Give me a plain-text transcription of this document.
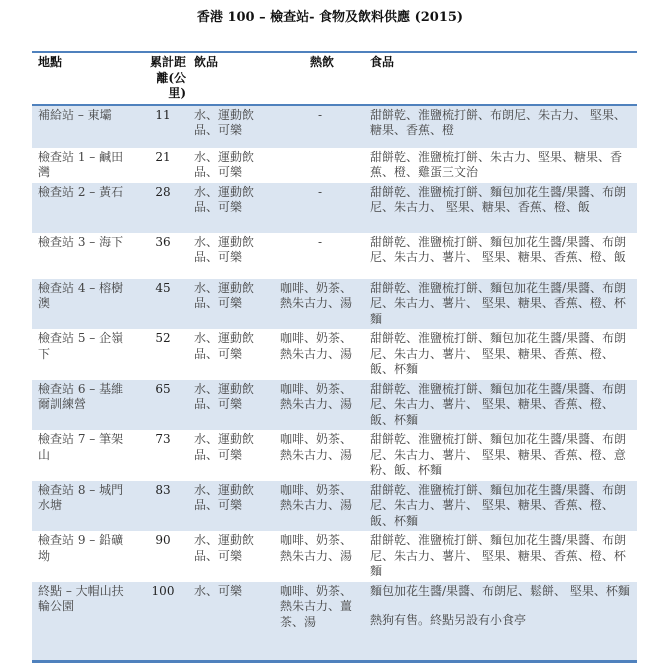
香港 100 – 檢查站- 食物及飲料供應 (2015)
地點	累計距離(公里)	飲品	熱飲	食品
補給站 – 東壩	11	水、運動飲品、可樂	-	甜餅乾、淮鹽梳打餅、布朗尼、朱古力、 堅果、糖果、香蕉、橙
檢查站 1 – 鹹田灣	21	水、運動飲品、可樂		甜餅乾、淮鹽梳打餅、朱古力、堅果、糖果、香蕉、橙、雞蛋三文治
檢查站 2 – 黃石	28	水、運動飲品、可樂	-	甜餅乾、淮鹽梳打餅、麵包加花生醬/果醬、布朗尼、朱古力、 堅果、糖果、香蕉、橙、飯
檢查站 3 – 海下	36	水、運動飲品、可樂	-	甜餅乾、淮鹽梳打餅、麵包加花生醬/果醬、布朗尼、朱古力、薯片、 堅果、糖果、香蕉、橙、飯
檢查站 4 – 榕樹澳	45	水、運動飲品、可樂	咖啡、奶茶、熱朱古力、湯	甜餅乾、淮鹽梳打餅、麵包加花生醬/果醬、布朗尼、朱古力、薯片、 堅果、糖果、香蕉、橙、杯麵
檢查站 5 – 企嶺下	52	水、運動飲品、可樂	咖啡、奶茶、熱朱古力、湯	甜餅乾、淮鹽梳打餅、麵包加花生醬/果醬、布朗尼、朱古力、薯片、 堅果、糖果、香蕉、橙、飯、杯麵
檢查站 6 – 基維爾訓練營	65	水、運動飲品、可樂	咖啡、奶茶、熱朱古力、湯	甜餅乾、淮鹽梳打餅、麵包加花生醬/果醬、布朗尼、朱古力、薯片、 堅果、糖果、香蕉、橙、飯、杯麵
檢查站 7 – 筆架山	73	水、運動飲品、可樂	咖啡、奶茶、熱朱古力、湯	甜餅乾、淮鹽梳打餅、麵包加花生醬/果醬、布朗尼、朱古力、薯片、 堅果、糖果、香蕉、橙、意粉、飯、杯麵
檢查站 8 – 城門水塘	83	水、運動飲品、可樂	咖啡、奶茶、熱朱古力、湯	甜餅乾、淮鹽梳打餅、麵包加花生醬/果醬、布朗尼、朱古力、薯片、 堅果、糖果、香蕉、橙、飯、杯麵
檢查站 9 – 鉛礦坳	90	水、運動飲品、可樂	咖啡、奶茶、熱朱古力、湯	甜餅乾、淮鹽梳打餅、麵包加花生醬/果醬、布朗尼、朱古力、薯片、 堅果、糖果、香蕉、橙、杯麵
終點 – 大帽山扶輪公園	100	水、可樂	咖啡、奶茶、熱朱古力、薑茶、湯	麵包加花生醬/果醬、布朗尼、鬆餅、 堅果、杯麵
熱狗有售。終點另設有小食亭
